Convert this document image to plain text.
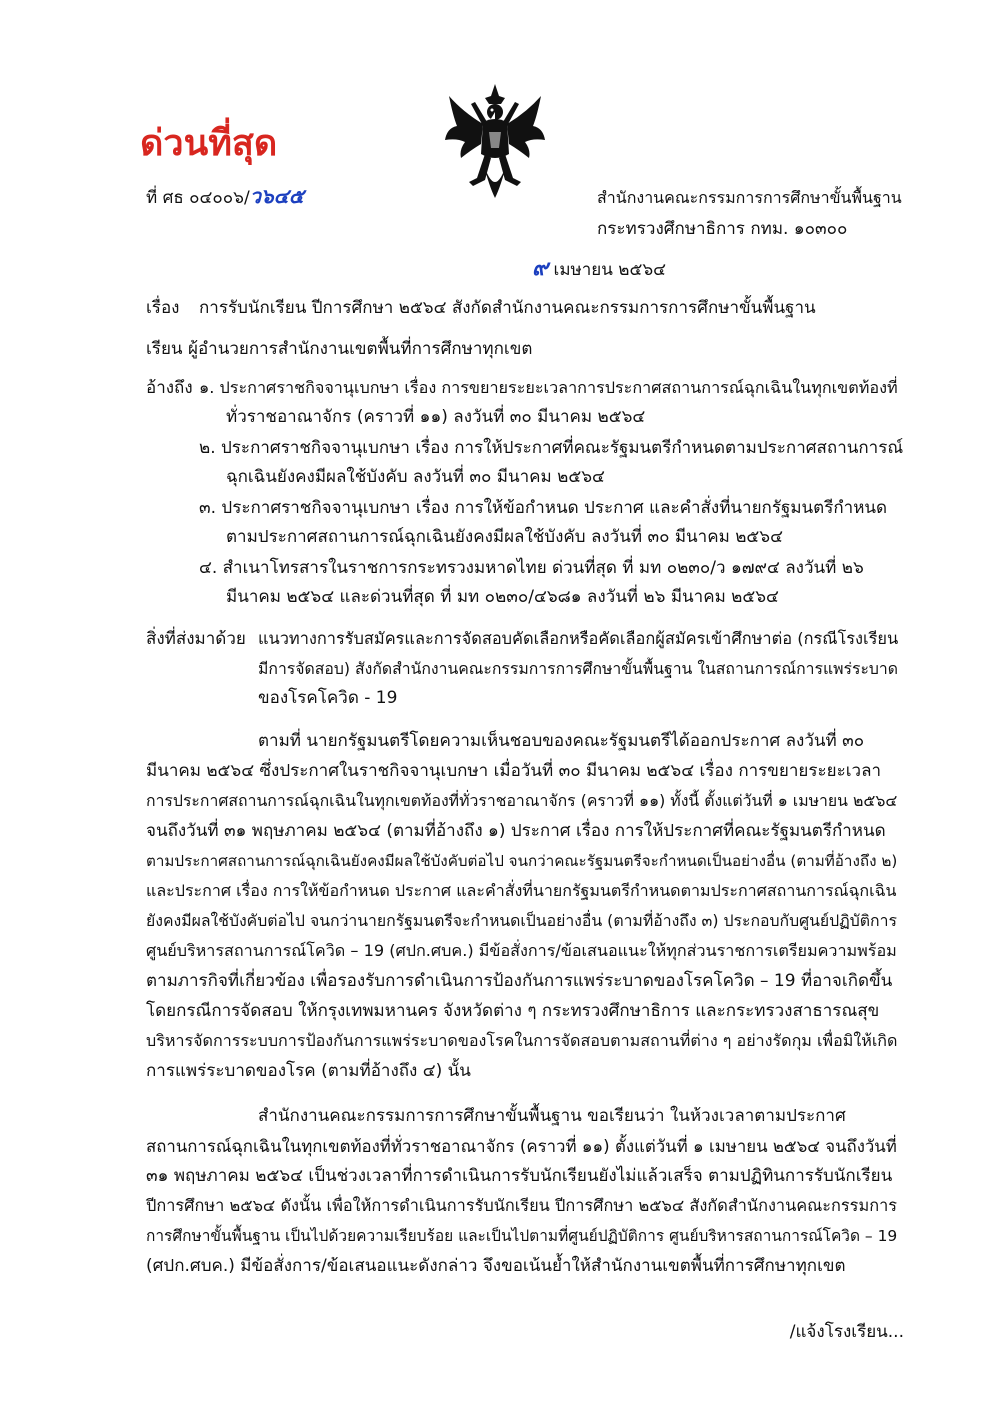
ด่วนที่สุด
ที่ ศธ ๐๔๐๐๖/ว๖๔๕	สำนักงานคณะกรรมการการศึกษาขั้นพื้นฐาน
กระทรวงศึกษาธิการ กทม. ๑๐๓๐๐
๙ เมษายน ๒๕๖๔
เรื่อง การรับนักเรียน ปีการศึกษา ๒๕๖๔ สังกัดสำนักงานคณะกรรมการการศึกษาขั้นพื้นฐาน
เรียน ผู้อำนวยการสำนักงานเขตพื้นที่การศึกษาทุกเขต
อ้างถึง ๑. ประกาศราชกิจจานุเบกษา เรื่อง การขยายระยะเวลาการประกาศสถานการณ์ฉุกเฉินในทุกเขตท้องที่
ทั่วราชอาณาจักร (คราวที่ ๑๑) ลงวันที่ ๓๐ มีนาคม ๒๕๖๔
๒. ประกาศราชกิจจานุเบกษา เรื่อง การให้ประกาศที่คณะรัฐมนตรีกำหนดตามประกาศสถานการณ์
ฉุกเฉินยังคงมีผลใช้บังคับ ลงวันที่ ๓๐ มีนาคม ๒๕๖๔
๓. ประกาศราชกิจจานุเบกษา เรื่อง การให้ข้อกำหนด ประกาศ และคำสั่งที่นายกรัฐมนตรีกำหนด
ตามประกาศสถานการณ์ฉุกเฉินยังคงมีผลใช้บังคับ ลงวันที่ ๓๐ มีนาคม ๒๕๖๔
๔. สำเนาโทรสารในราชการกระทรวงมหาดไทย ด่วนที่สุด ที่ มท ๐๒๓๐/ว ๑๗๙๔ ลงวันที่ ๒๖
มีนาคม ๒๕๖๔ และด่วนที่สุด ที่ มท ๐๒๓๐/๔๖๘๑ ลงวันที่ ๒๖ มีนาคม ๒๕๖๔
สิ่งที่ส่งมาด้วย แนวทางการรับสมัครและการจัดสอบคัดเลือกหรือคัดเลือกผู้สมัครเข้าศึกษาต่อ (กรณีโรงเรียน
มีการจัดสอบ) สังกัดสำนักงานคณะกรรมการการศึกษาขั้นพื้นฐาน ในสถานการณ์การแพร่ระบาด
ของโรคโควิด - 19
ตามที่ นายกรัฐมนตรีโดยความเห็นชอบของคณะรัฐมนตรีได้ออกประกาศ ลงวันที่ ๓๐
มีนาคม ๒๕๖๔ ซึ่งประกาศในราชกิจจานุเบกษา เมื่อวันที่ ๓๐ มีนาคม ๒๕๖๔ เรื่อง การขยายระยะเวลา
การประกาศสถานการณ์ฉุกเฉินในทุกเขตท้องที่ทั่วราชอาณาจักร (คราวที่ ๑๑) ทั้งนี้ ตั้งแต่วันที่ ๑ เมษายน ๒๕๖๔
จนถึงวันที่ ๓๑ พฤษภาคม ๒๕๖๔ (ตามที่อ้างถึง ๑) ประกาศ เรื่อง การให้ประกาศที่คณะรัฐมนตรีกำหนด
ตามประกาศสถานการณ์ฉุกเฉินยังคงมีผลใช้บังคับต่อไป จนกว่าคณะรัฐมนตรีจะกำหนดเป็นอย่างอื่น (ตามที่อ้างถึง ๒)
และประกาศ เรื่อง การให้ข้อกำหนด ประกาศ และคำสั่งที่นายกรัฐมนตรีกำหนดตามประกาศสถานการณ์ฉุกเฉิน
ยังคงมีผลใช้บังคับต่อไป จนกว่านายกรัฐมนตรีจะกำหนดเป็นอย่างอื่น (ตามที่อ้างถึง ๓) ประกอบกับศูนย์ปฏิบัติการ
ศูนย์บริหารสถานการณ์โควิด – 19 (ศปก.ศบค.) มีข้อสั่งการ/ข้อเสนอแนะให้ทุกส่วนราชการเตรียมความพร้อม
ตามภารกิจที่เกี่ยวข้อง เพื่อรองรับการดำเนินการป้องกันการแพร่ระบาดของโรคโควิด – 19 ที่อาจเกิดขึ้น
โดยกรณีการจัดสอบ ให้กรุงเทพมหานคร จังหวัดต่าง ๆ กระทรวงศึกษาธิการ และกระทรวงสาธารณสุข
บริหารจัดการระบบการป้องกันการแพร่ระบาดของโรคในการจัดสอบตามสถานที่ต่าง ๆ อย่างรัดกุม เพื่อมิให้เกิด
การแพร่ระบาดของโรค (ตามที่อ้างถึง ๔) นั้น
สำนักงานคณะกรรมการการศึกษาขั้นพื้นฐาน ขอเรียนว่า ในห้วงเวลาตามประกาศ
สถานการณ์ฉุกเฉินในทุกเขตท้องที่ทั่วราชอาณาจักร (คราวที่ ๑๑) ตั้งแต่วันที่ ๑ เมษายน ๒๕๖๔ จนถึงวันที่
๓๑ พฤษภาคม ๒๕๖๔ เป็นช่วงเวลาที่การดำเนินการรับนักเรียนยังไม่แล้วเสร็จ ตามปฏิทินการรับนักเรียน
ปีการศึกษา ๒๕๖๔ ดังนั้น เพื่อให้การดำเนินการรับนักเรียน ปีการศึกษา ๒๕๖๔ สังกัดสำนักงานคณะกรรมการ
การศึกษาขั้นพื้นฐาน เป็นไปด้วยความเรียบร้อย และเป็นไปตามที่ศูนย์ปฏิบัติการ ศูนย์บริหารสถานการณ์โควิด – 19
(ศปก.ศบค.) มีข้อสั่งการ/ข้อเสนอแนะดังกล่าว จึงขอเน้นย้ำให้สำนักงานเขตพื้นที่การศึกษาทุกเขต
/แจ้งโรงเรียน...
